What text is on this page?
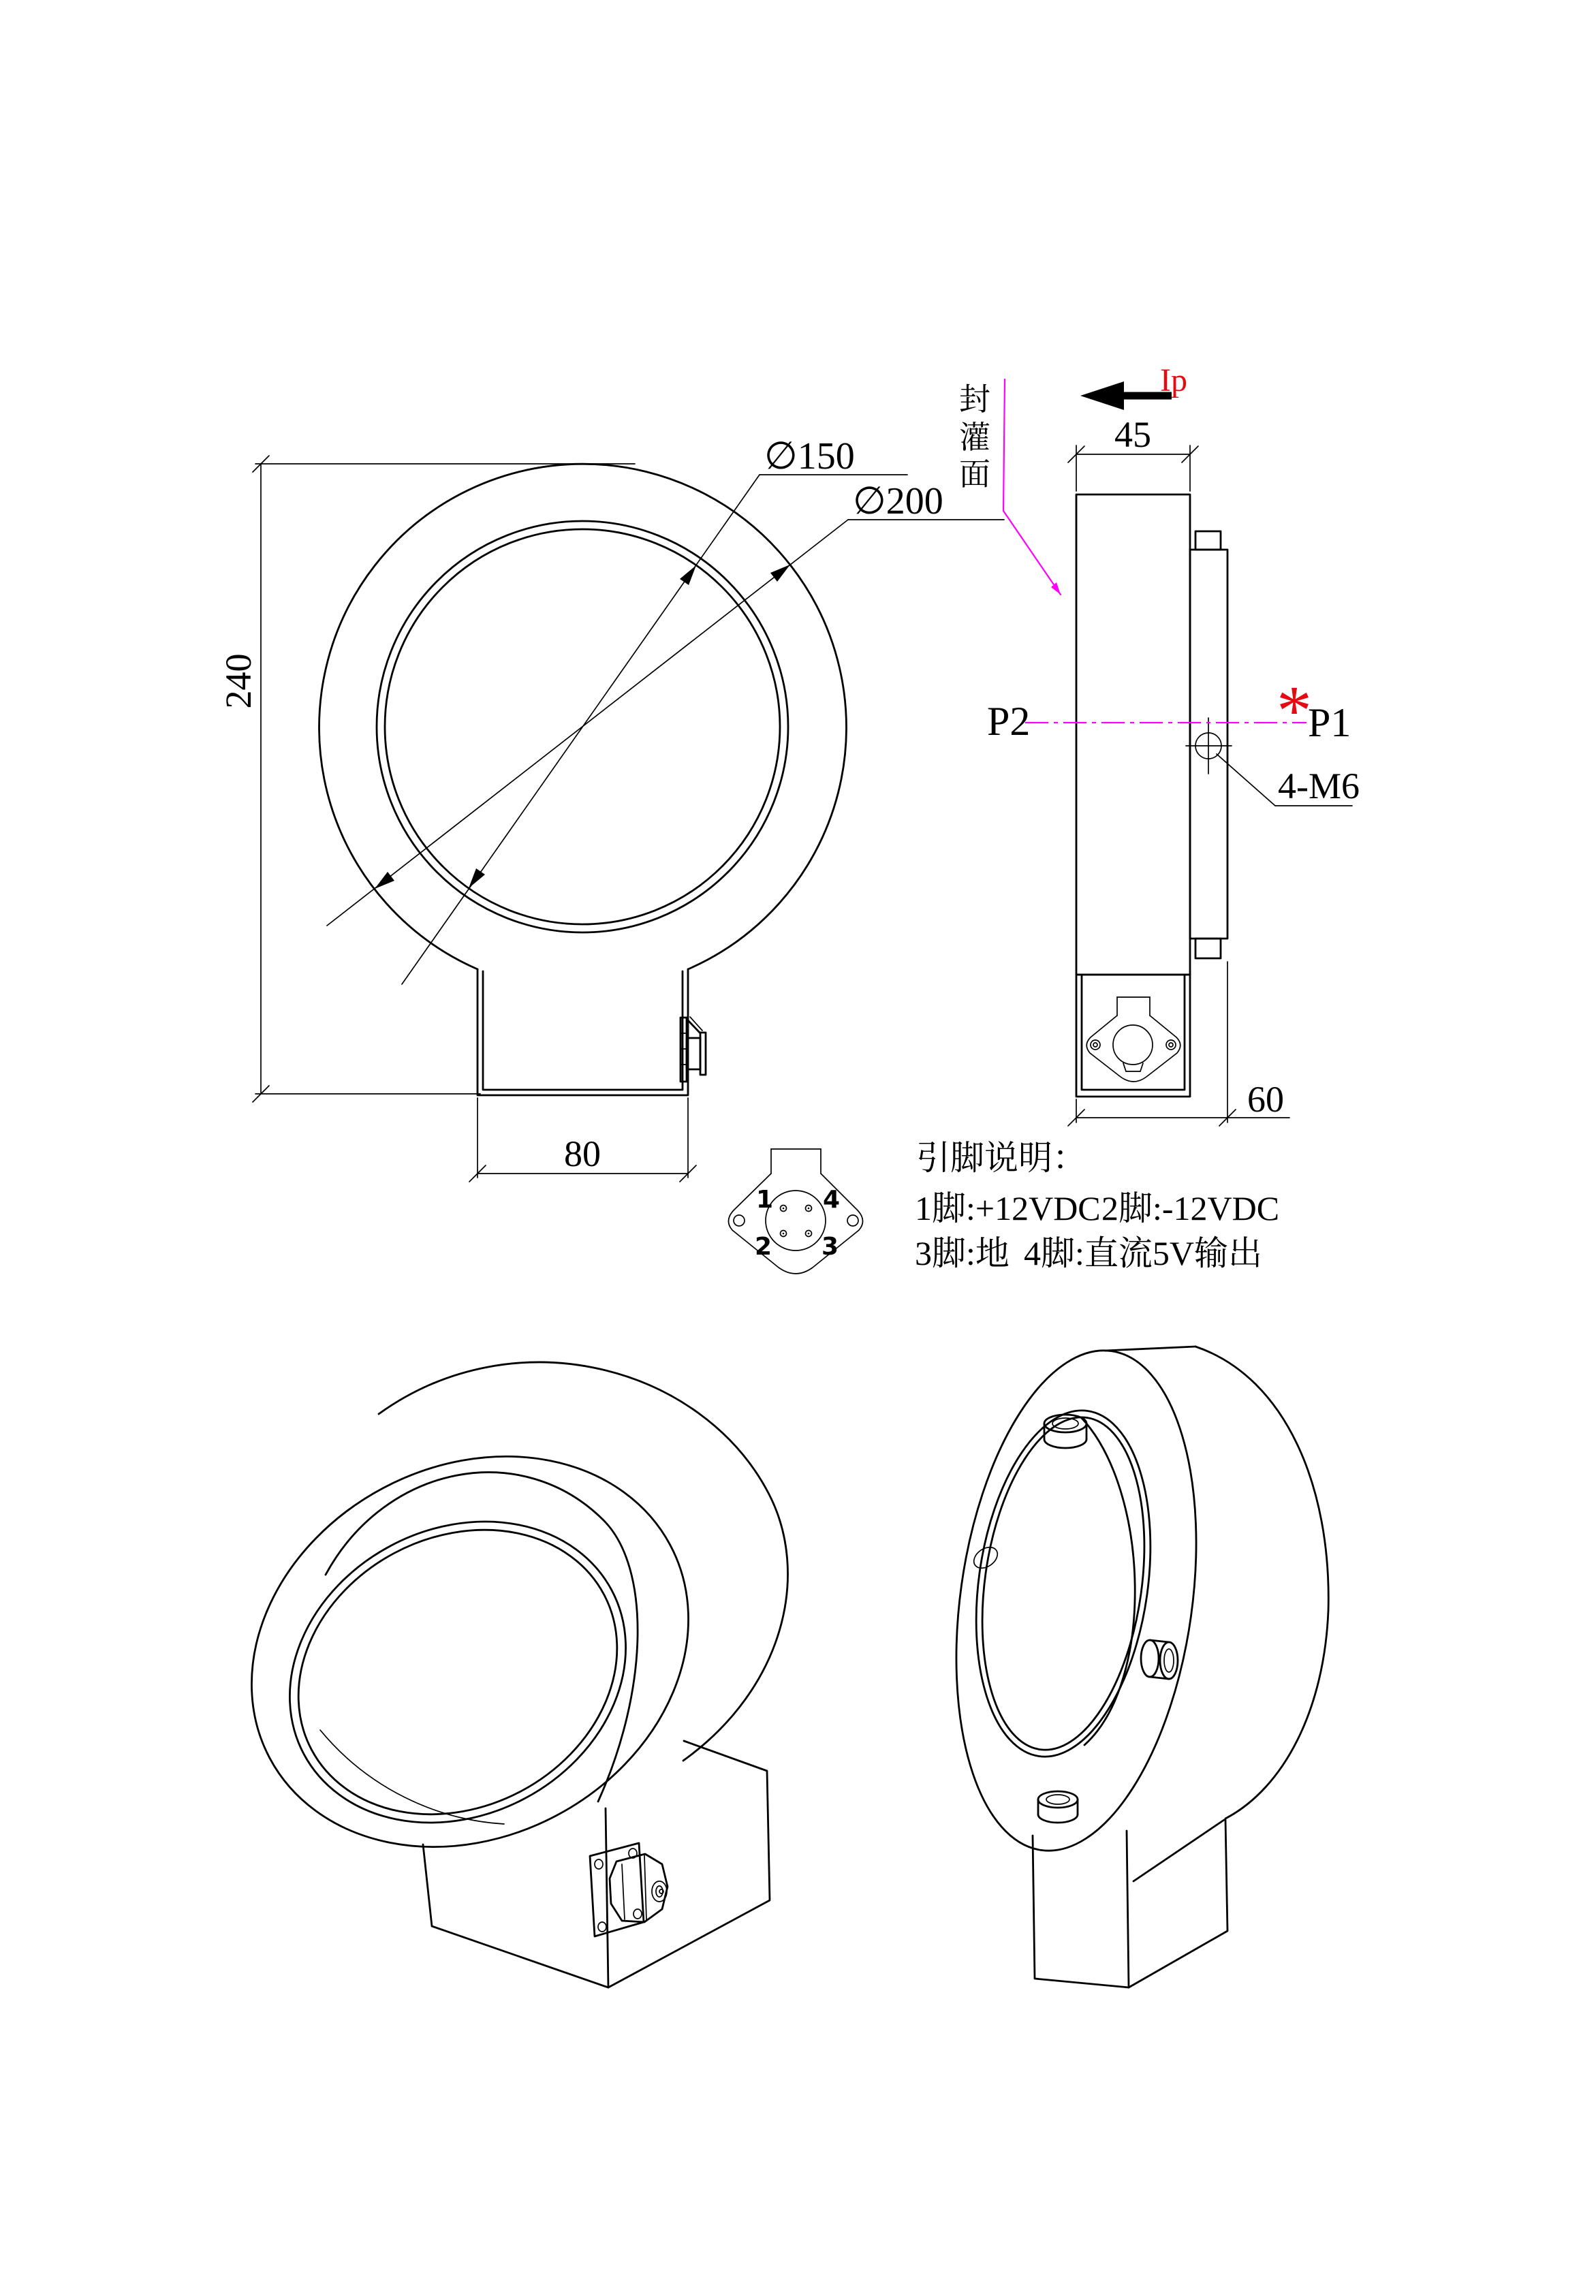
240
80
∅150
∅200
4-M6
45
60
Ip
P2	P1
*
封
灌
面
1 4
2 3
引脚说明：
1脚:+12VDC 2脚:-12VDC
3脚:地 4脚:直流5V输出
